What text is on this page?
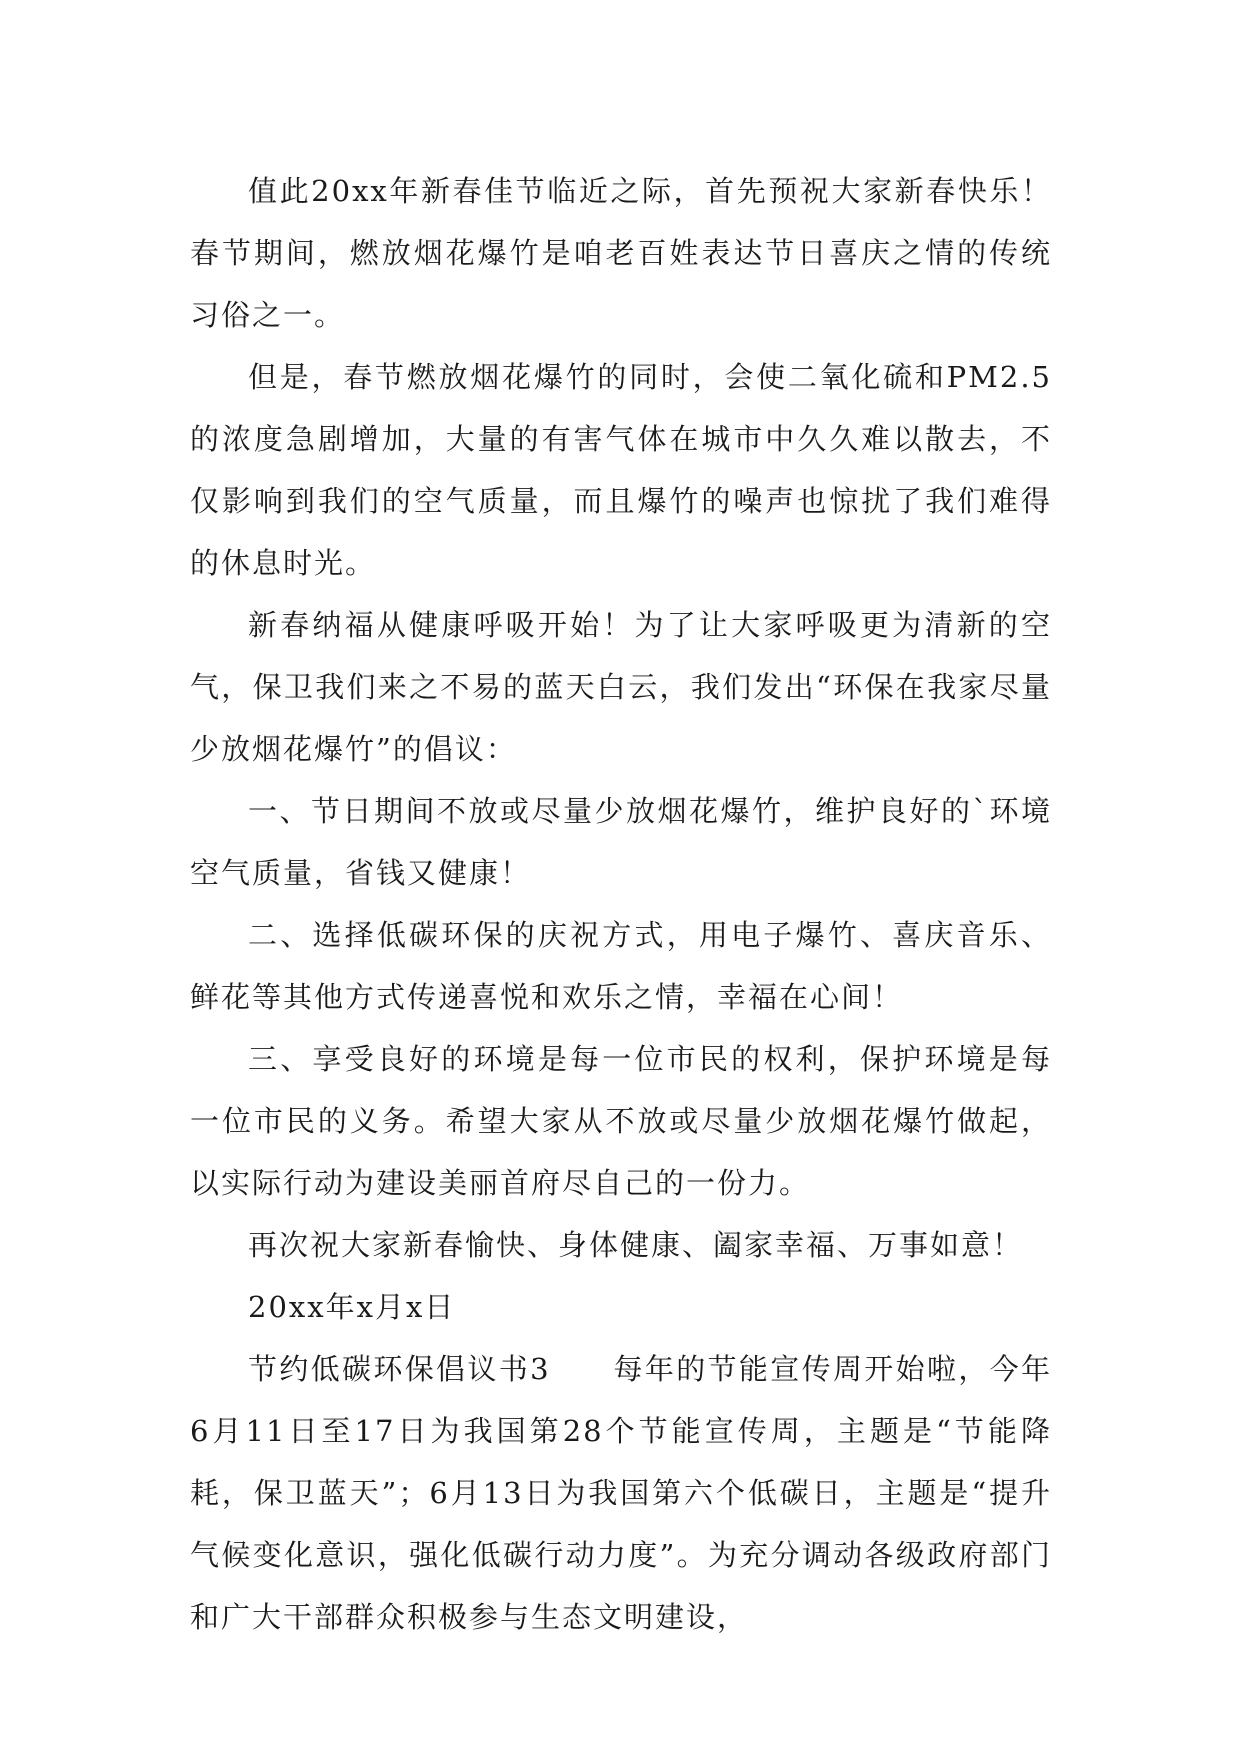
值此20xx年新春佳节临近之际，首先预祝大家新春快乐！春节期间，燃放烟花爆竹是咱老百姓表达节日喜庆之情的传统习俗之一。

但是，春节燃放烟花爆竹的同时，会使二氧化硫和PM2.5的浓度急剧增加，大量的有害气体在城市中久久难以散去，不仅影响到我们的空气质量，而且爆竹的噪声也惊扰了我们难得的休息时光。

新春纳福从健康呼吸开始！为了让大家呼吸更为清新的空气，保卫我们来之不易的蓝天白云，我们发出“环保在我家尽量少放烟花爆竹”的倡议：

一、节日期间不放或尽量少放烟花爆竹，维护良好的`环境空气质量，省钱又健康！

二、选择低碳环保的庆祝方式，用电子爆竹、喜庆音乐、鲜花等其他方式传递喜悦和欢乐之情，幸福在心间！

三、享受良好的环境是每一位市民的权利，保护环境是每一位市民的义务。希望大家从不放或尽量少放烟花爆竹做起，以实际行动为建设美丽首府尽自己的一份力。

再次祝大家新春愉快、身体健康、阖家幸福、万事如意！

20xx年x月x日

节约低碳环保倡议书3　　每年的节能宣传周开始啦，今年6月11日至17日为我国第28个节能宣传周，主题是“节能降耗，保卫蓝天”；6月13日为我国第六个低碳日，主题是“提升气候变化意识，强化低碳行动力度”。为充分调动各级政府部门和广大干部群众积极参与生态文明建设，
